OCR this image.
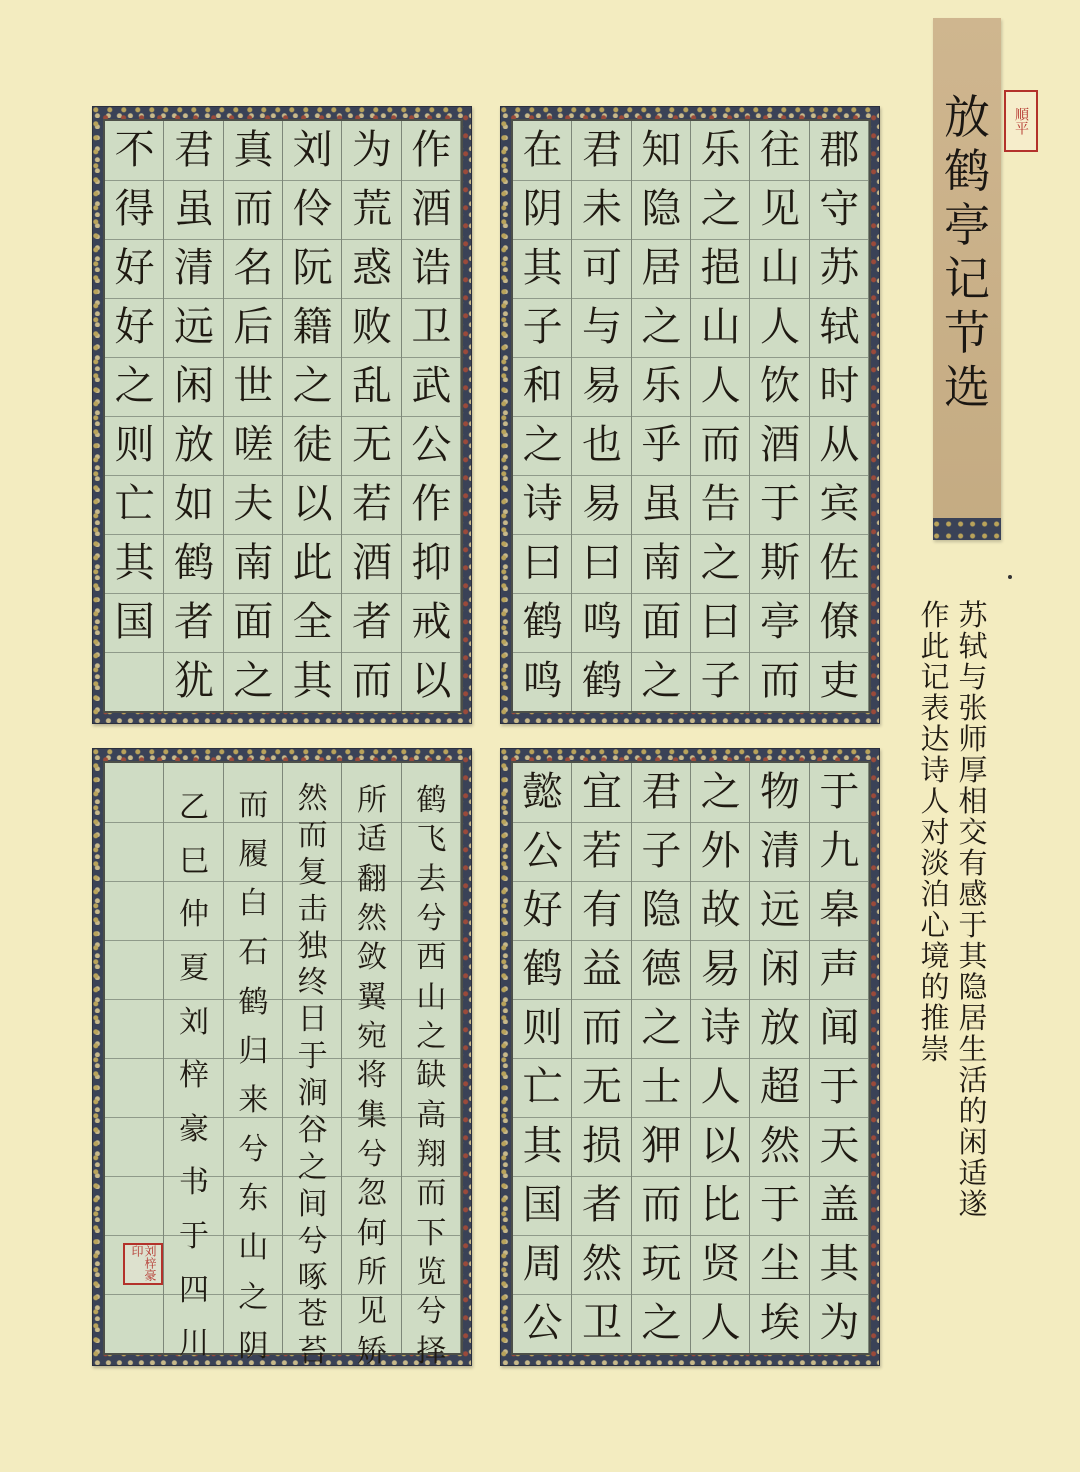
放
鹤
亭
记
节
选
順平
苏
轼
与
张
师
厚
相
交
有
感
于
其
隐
居
生
活
的
闲
适
遂
作
此
记
表
达
诗
人
对
淡
泊
心
境
的
推
崇
作
酒
诰
卫
武
公
作
抑
戒
以
为
荒
惑
败
乱
无
若
酒
者
而
刘
伶
阮
籍
之
徒
以
此
全
其
真
而
名
后
世
嗟
夫
南
面
之
君
虽
清
远
闲
放
如
鹤
者
犹
不
得
好
好
之
则
亡
其
国
郡
守
苏
轼
时
从
宾
佐
僚
吏
往
见
山
人
饮
酒
于
斯
亭
而
乐
之
挹
山
人
而
告
之
曰
子
知
隐
居
之
乐
乎
虽
南
面
之
君
未
可
与
易
也
易
曰
鸣
鹤
在
阴
其
子
和
之
诗
曰
鹤
鸣
鹤
飞
去
兮
西
山
之
缺
高
翔
而
下
览
兮
择
所
适
翻
然
敛
翼
宛
将
集
兮
忽
何
所
见
矫
然
而
复
击
独
终
日
于
涧
谷
之
间
兮
啄
苍
苔
而
履
白
石
鹤
归
来
兮
东
山
之
阴
乙
巳
仲
夏
刘
梓
豪
书
于
四
川
刘梓豪印
于
九
皋
声
闻
于
天
盖
其
为
物
清
远
闲
放
超
然
于
尘
埃
之
外
故
易
诗
人
以
比
贤
人
君
子
隐
德
之
士
狎
而
玩
之
宜
若
有
益
而
无
损
者
然
卫
懿
公
好
鹤
则
亡
其
国
周
公
